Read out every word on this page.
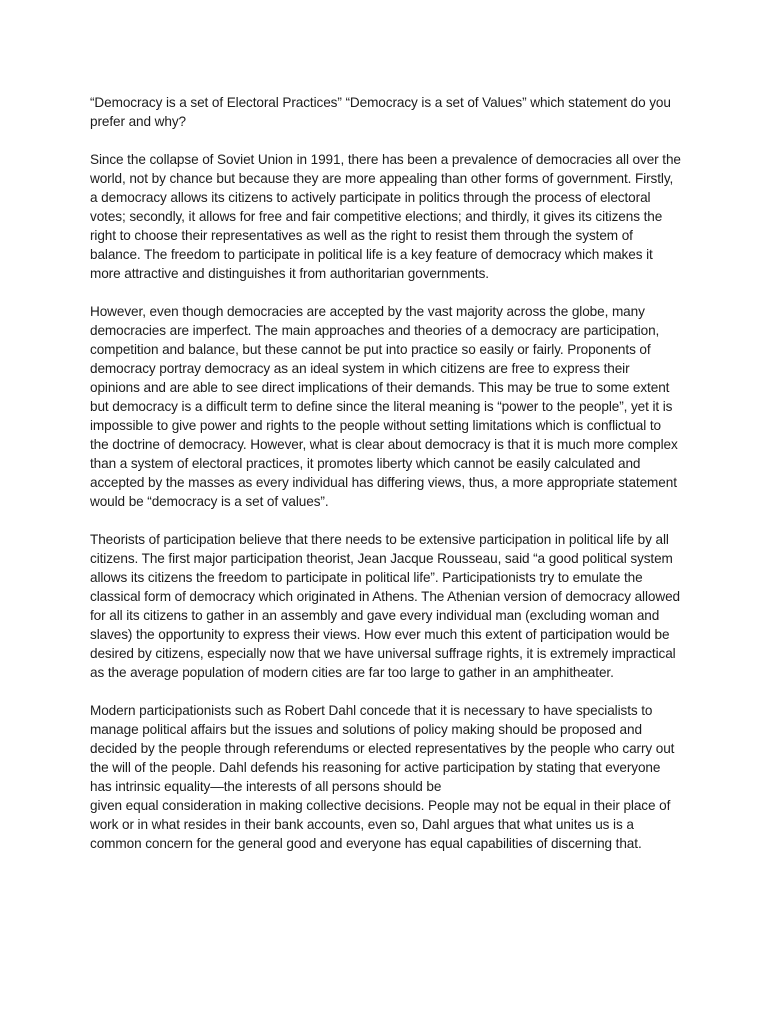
“Democracy is a set of Electoral Practices” “Democracy is a set of Values” which statement do you prefer and why?

Since the collapse of Soviet Union in 1991, there has been a prevalence of democracies all over the world, not by chance but because they are more appealing than other forms of government. Firstly, a democracy allows its citizens to actively participate in politics through the process of electoral votes; secondly, it allows for free and fair competitive elections; and thirdly, it gives its citizens the right to choose their representatives as well as the right to resist them through the system of balance. The freedom to participate in political life is a key feature of democracy which makes it more attractive and distinguishes it from authoritarian governments.

However, even though democracies are accepted by the vast majority across the globe, many democracies are imperfect. The main approaches and theories of a democracy are participation, competition and balance, but these cannot be put into practice so easily or fairly. Proponents of democracy portray democracy as an ideal system in which citizens are free to express their opinions and are able to see direct implications of their demands. This may be true to some extent but democracy is a difficult term to define since the literal meaning is “power to the people”, yet it is impossible to give power and rights to the people without setting limitations which is conflictual to the doctrine of democracy. However, what is clear about democracy is that it is much more complex than a system of electoral practices, it promotes liberty which cannot be easily calculated and accepted by the masses as every individual has differing views, thus, a more appropriate statement would be “democracy is a set of values”.

Theorists of participation believe that there needs to be extensive participation in political life by all citizens. The first major participation theorist, Jean Jacque Rousseau, said “a good political system allows its citizens the freedom to participate in political life”. Participationists try to emulate the classical form of democracy which originated in Athens. The Athenian version of democracy allowed for all its citizens to gather in an assembly and gave every individual man (excluding woman and slaves) the opportunity to express their views. How ever much this extent of participation would be desired by citizens, especially now that we have universal suffrage rights, it is extremely impractical as the average population of modern cities are far too large to gather in an amphitheater.

Modern participationists such as Robert Dahl concede that it is necessary to have specialists to manage political affairs but the issues and solutions of policy making should be proposed and decided by the people through referendums or elected representatives by the people who carry out the will of the people. Dahl defends his reasoning for active participation by stating that everyone has intrinsic equality—the interests of all persons should be
given equal consideration in making collective decisions. People may not be equal in their place of work or in what resides in their bank accounts, even so, Dahl argues that what unites us is a common concern for the general good and everyone has equal capabilities of discerning that.
